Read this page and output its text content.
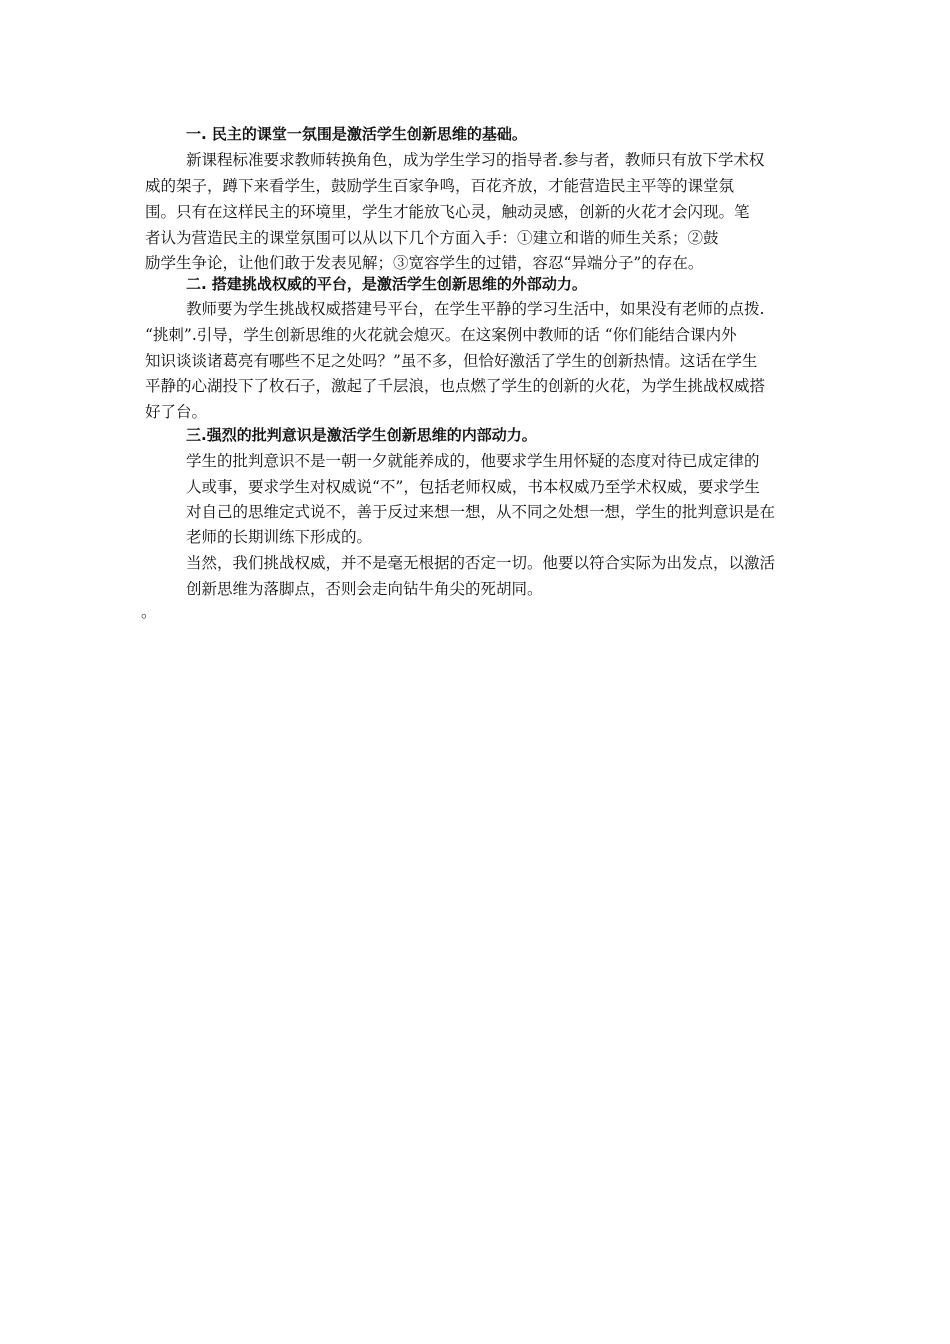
一. 民主的课堂一氛围是激活学生创新思维的基础。
新课程标准要求教师转换角色，成为学生学习的指导者.参与者，教师只有放下学术权
威的架子，蹲下来看学生，鼓励学生百家争鸣，百花齐放，才能营造民主平等的课堂氛
围。只有在这样民主的环境里，学生才能放飞心灵，触动灵感，创新的火花才会闪现。笔
者认为营造民主的课堂氛围可以从以下几个方面入手：①建立和谐的师生关系；②鼓
励学生争论，让他们敢于发表见解；③宽容学生的过错，容忍“异端分子”的存在。
二. 搭建挑战权威的平台，是激活学生创新思维的外部动力。
教师要为学生挑战权威搭建号平台，在学生平静的学习生活中，如果没有老师的点拨.
“挑刺”.引导，学生创新思维的火花就会熄灭。在这案例中教师的话 “你们能结合课内外
知识谈谈诸葛亮有哪些不足之处吗？”虽不多，但恰好激活了学生的创新热情。这话在学生
平静的心湖投下了枚石子，激起了千层浪，也点燃了学生的创新的火花，为学生挑战权威搭
好了台。
三.强烈的批判意识是激活学生创新思维的内部动力。
学生的批判意识不是一朝一夕就能养成的，他要求学生用怀疑的态度对待已成定律的
人或事，要求学生对权威说“不”，包括老师权威，书本权威乃至学术权威，要求学生
对自己的思维定式说不，善于反过来想一想，从不同之处想一想，学生的批判意识是在
老师的长期训练下形成的。
当然，我们挑战权威，并不是毫无根据的否定一切。他要以符合实际为出发点，以激活
创新思维为落脚点，否则会走向钻牛角尖的死胡同。
。
